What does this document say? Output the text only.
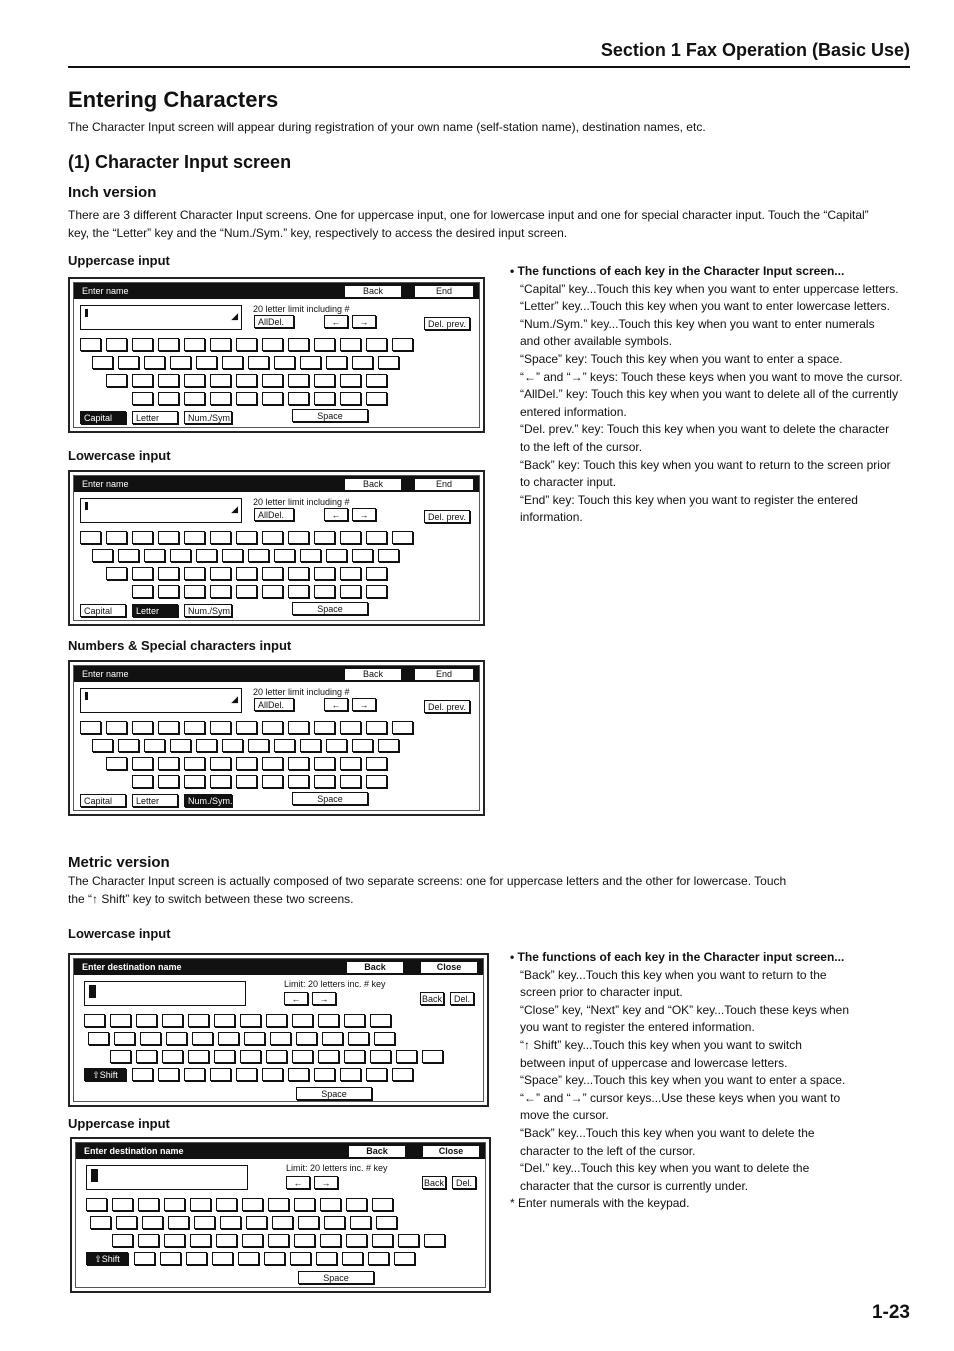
Section 1 Fax Operation (Basic Use)
Entering Characters
The Character Input screen will appear during registration of your own name (self-station name), destination names, etc.
(1) Character Input screen
Inch version
There are 3 different Character Input screens. One for uppercase input, one for lowercase input and one for special character input. Touch the “Capital”
key, the “Letter” key and the “Num./Sym.” key, respectively to access the desired input screen.
Uppercase input
Lowercase input
Numbers & Special characters input
Enter name	Back	End
◢
20 letter limit including #
AllDel.	←	→	Del. prev.
Capital	Letter	Num./Sym.	Space
Enter name	Back	End
◢
20 letter limit including #
AllDel.	←	→	Del. prev.
Capital	Letter	Num./Sym.	Space
Enter name	Back	End
◢
20 letter limit including #
AllDel.	←	→	Del. prev.
Capital	Letter	Num./Sym.	Space
• The functions of each key in the Character Input screen...
“Capital” key...Touch this key when you want to enter uppercase letters.
“Letter” key...Touch this key when you want to enter lowercase letters.
“Num./Sym.” key...Touch this key when you want to enter numerals
and other available symbols.
“Space” key: Touch this key when you want to enter a space.
“←” and “→” keys: Touch these keys when you want to move the cursor.
“AllDel.” key: Touch this key when you want to delete all of the currently
entered information.
“Del. prev.” key: Touch this key when you want to delete the character
to the left of the cursor.
“Back” key: Touch this key when you want to return to the screen prior
to character input.
“End” key: Touch this key when you want to register the entered
information.
Metric version
The Character Input screen is actually composed of two separate screens: one for uppercase letters and the other for lowercase. Touch
the “↑ Shift” key to switch between these two screens.
Lowercase input
Uppercase input
Enter destination name	Back	Close
Limit: 20 letters inc. # key
←	→	Back	Del.
⇧Shift
Space
Enter destination name	Back	Close
Limit: 20 letters inc. # key
←	→	Back	Del.
⇧Shift
Space
• The functions of each key in the Character input screen...
“Back” key...Touch this key when you want to return to the
screen prior to character input.
“Close” key, “Next” key and “OK” key...Touch these keys when
you want to register the entered information.
“↑ Shift” key...Touch this key when you want to switch
between input of uppercase and lowercase letters.
“Space” key...Touch this key when you want to enter a space.
“←” and “→” cursor keys...Use these keys when you want to
move the cursor.
“Back” key...Touch this key when you want to delete the
character to the left of the cursor.
“Del.” key...Touch this key when you want to delete the
character that the cursor is currently under.
* Enter numerals with the keypad.
1-23
